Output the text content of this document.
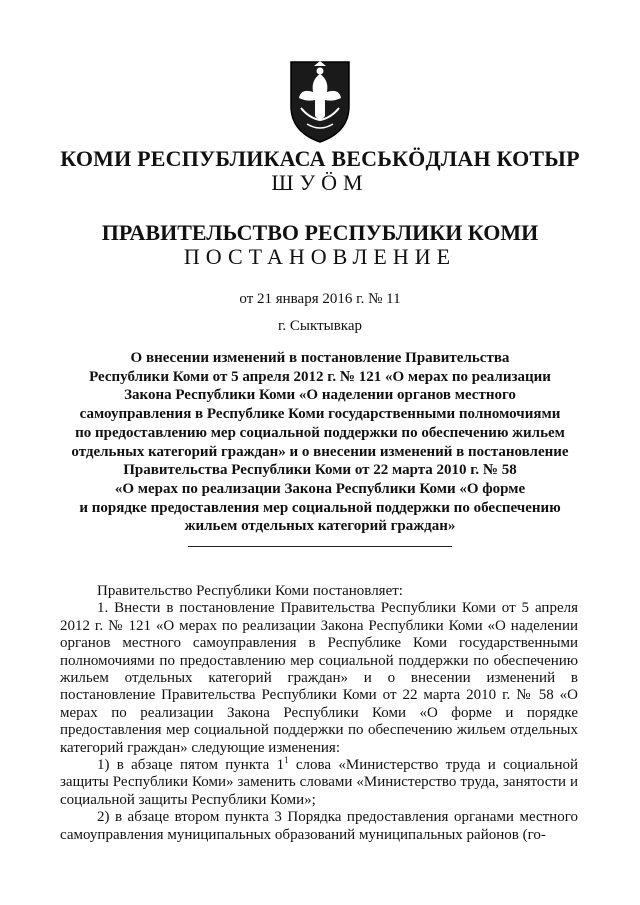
КОМИ РЕСПУБЛИКАСА ВЕСЬКӦДЛАН КОТЫР
ШУӦМ
ПРАВИТЕЛЬСТВО РЕСПУБЛИКИ КОМИ
ПОСТАНОВЛЕНИЕ
от 21 января 2016 г. № 11
г. Сыктывкар
О внесении изменений в постановление Правительства
Республики Коми от 5 апреля 2012 г. № 121 «О мерах по реализации
Закона Республики Коми «О наделении органов местного
самоуправления в Республике Коми государственными полномочиями
по предоставлению мер социальной поддержки по обеспечению жильем
отдельных категорий граждан» и о внесении изменений в постановление
Правительства Республики Коми от 22 марта 2010 г. № 58
«О мерах по реализации Закона Республики Коми «О форме
и порядке предоставления мер социальной поддержки по обеспечению
жильем отдельных категорий граждан»

Правительство Республики Коми постановляет:

1. Внести в постановление Правительства Республики Коми от 5 апреля 2012 г. № 121 «О мерах по реализации Закона Республики Коми «О наделении органов местного самоуправления в Республике Коми государственными полномочиями по предоставлению мер социальной поддержки по обеспечению жильем отдельных категорий граждан» и о внесении изменений в постановление Правительства Республики Коми от 22 марта 2010 г. № 58 «О мерах по реализации Закона Республики Коми «О форме и порядке предоставления мер социальной поддержки по обеспечению жильем отдельных категорий граждан» следующие изменения:

1) в абзаце пятом пункта $1^1$ слова «Министерство труда и социальной защиты Республики Коми» заменить словами «Министерство труда, занятости и социальной защиты Республики Коми»;

2) в абзаце втором пункта 3 Порядка предоставления органами местного самоуправления муниципальных образований муниципальных районов (го-
